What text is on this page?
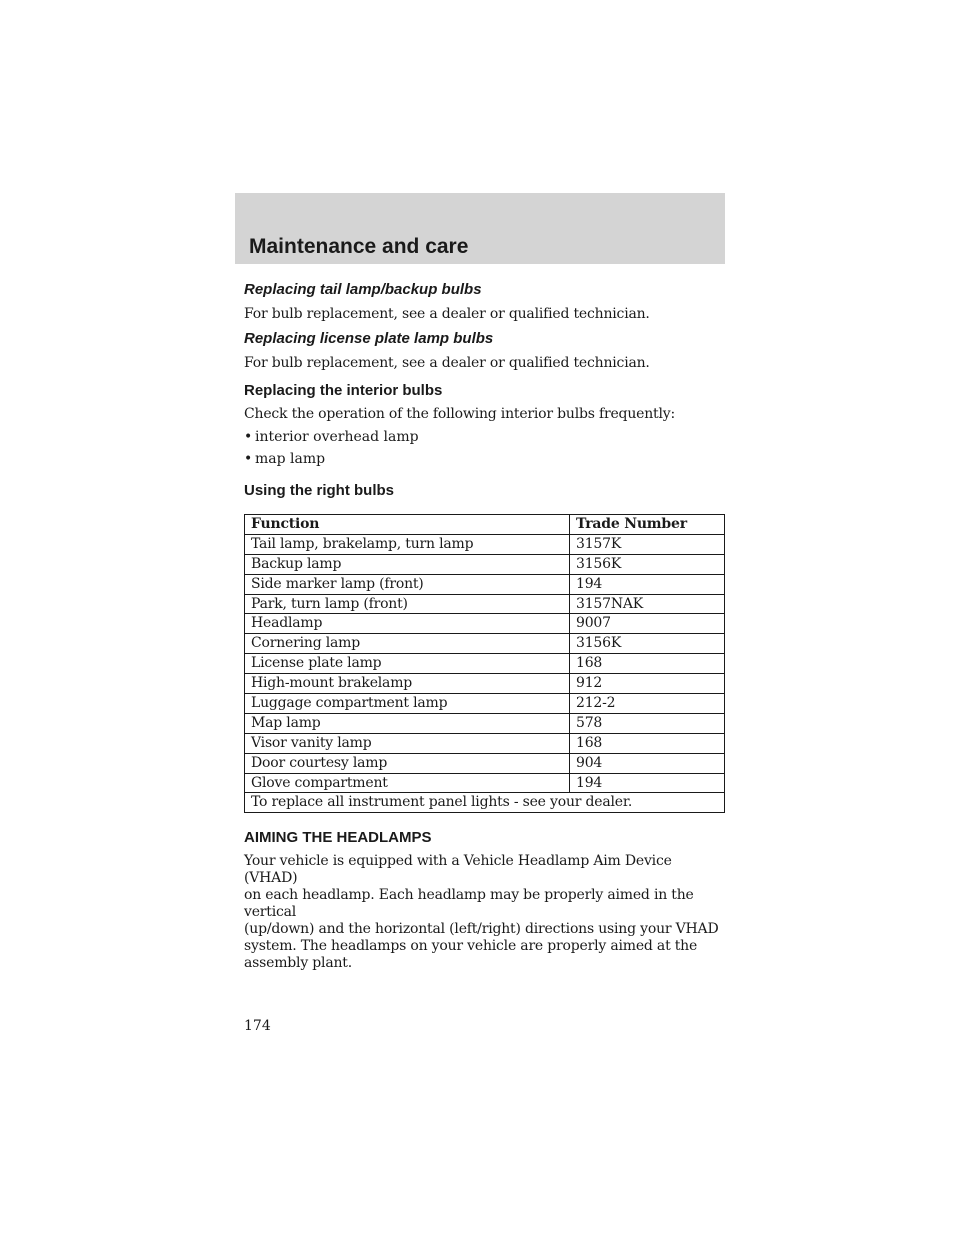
Maintenance and care
Replacing tail lamp/backup bulbs

For bulb replacement, see a dealer or qualified technician.

Replacing license plate lamp bulbs

For bulb replacement, see a dealer or qualified technician.

Replacing the interior bulbs

Check the operation of the following interior bulbs frequently:

• interior overhead lamp
• map lamp
Using the right bulbs
Function	Trade Number
Tail lamp, brakelamp, turn lamp	3157K
Backup lamp	3156K
Side marker lamp (front)	194
Park, turn lamp (front)	3157NAK
Headlamp	9007
Cornering lamp	3156K
License plate lamp	168
High-mount brakelamp	912
Luggage compartment lamp	212-2
Map lamp	578
Visor vanity lamp	168
Door courtesy lamp	904
Glove compartment	194
To replace all instrument panel lights - see your dealer.	
AIMING THE HEADLAMPS
Your vehicle is equipped with a Vehicle Headlamp Aim Device (VHAD)
on each headlamp. Each headlamp may be properly aimed in the vertical
(up/down) and the horizontal (left/right) directions using your VHAD
system. The headlamps on your vehicle are properly aimed at the
assembly plant.

174
